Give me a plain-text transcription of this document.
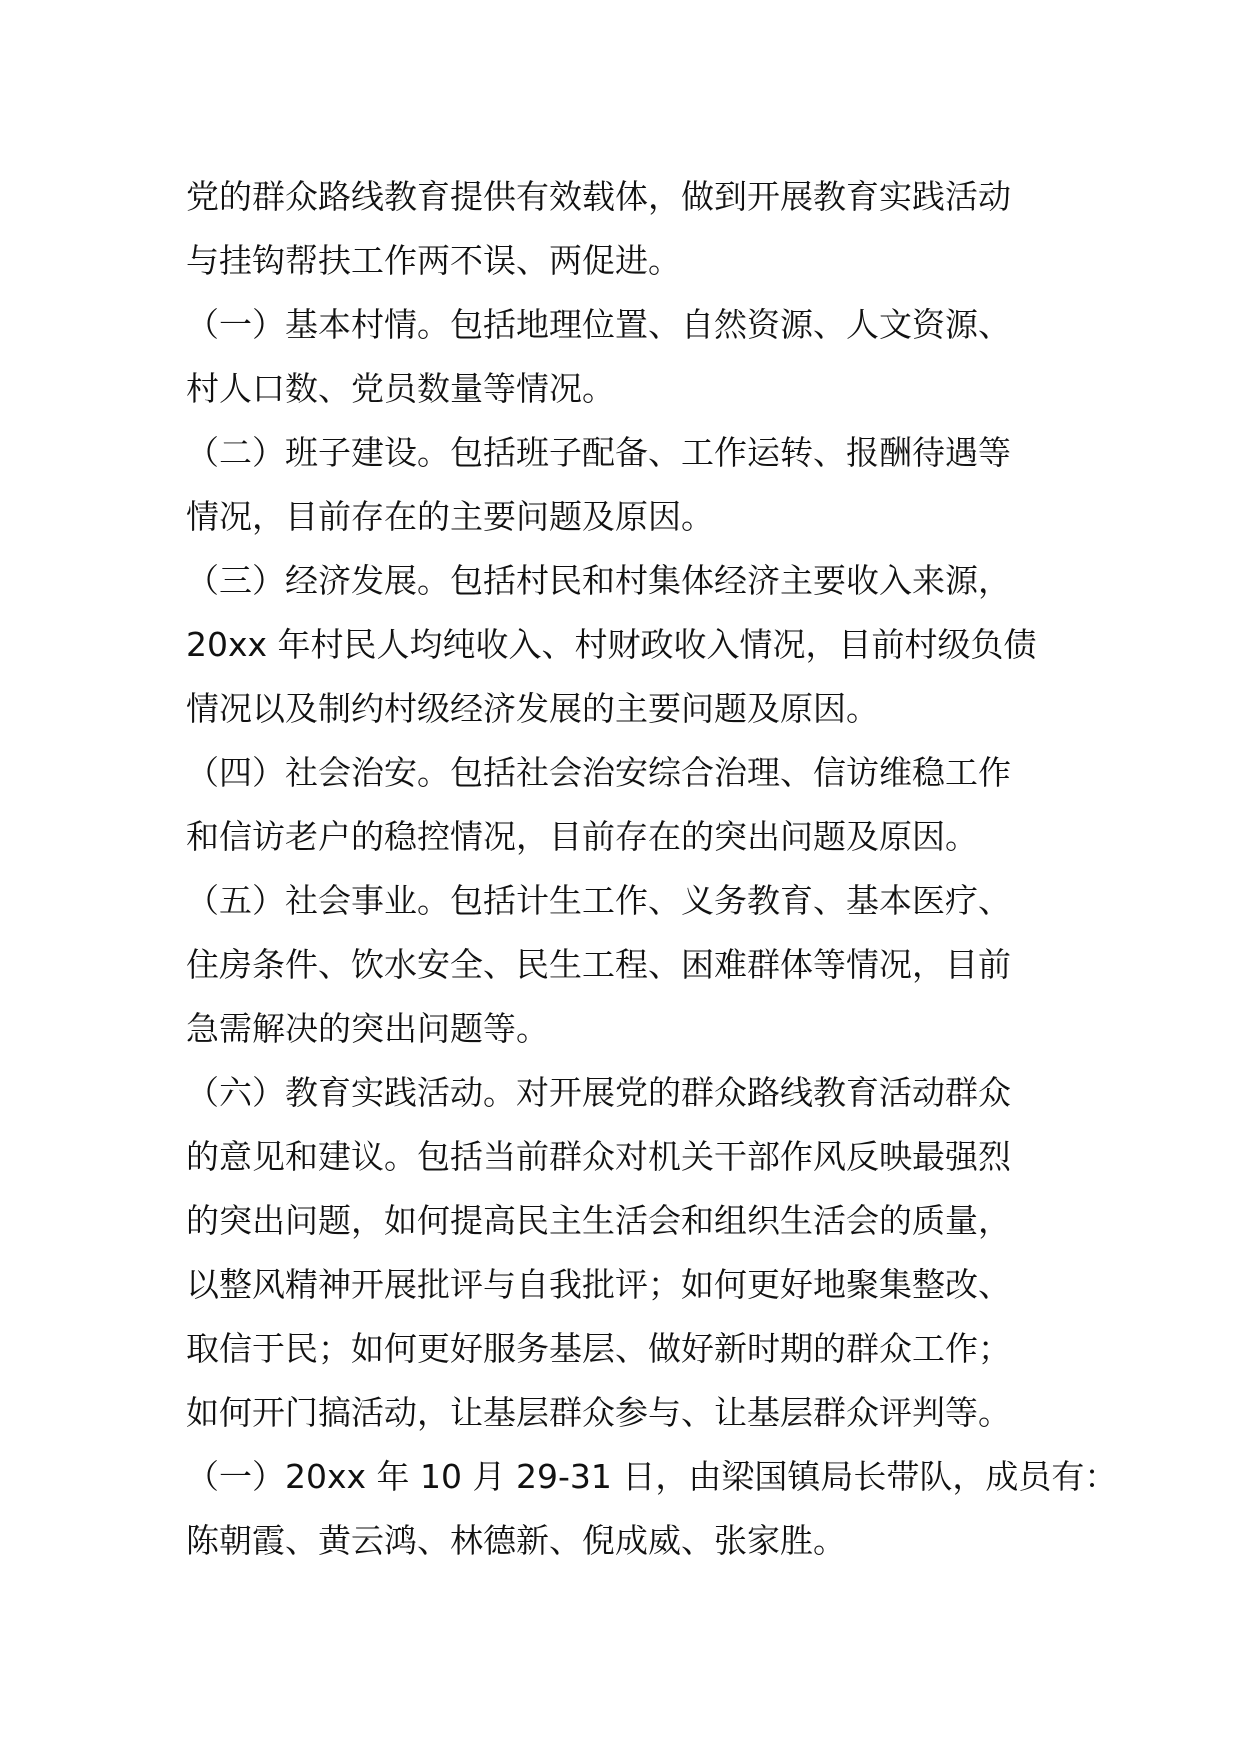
党的群众路线教育提供有效载体，做到开展教育实践活动
与挂钩帮扶工作两不误、两促进。
（一）基本村情。包括地理位置、自然资源、人文资源、
村人口数、党员数量等情况。
（二）班子建设。包括班子配备、工作运转、报酬待遇等
情况，目前存在的主要问题及原因。
（三）经济发展。包括村民和村集体经济主要收入来源，
20xx 年村民人均纯收入、村财政收入情况，目前村级负债
情况以及制约村级经济发展的主要问题及原因。
（四）社会治安。包括社会治安综合治理、信访维稳工作
和信访老户的稳控情况，目前存在的突出问题及原因。
（五）社会事业。包括计生工作、义务教育、基本医疗、
住房条件、饮水安全、民生工程、困难群体等情况，目前
急需解决的突出问题等。
（六）教育实践活动。对开展党的群众路线教育活动群众
的意见和建议。包括当前群众对机关干部作风反映最强烈
的突出问题，如何提高民主生活会和组织生活会的质量，
以整风精神开展批评与自我批评；如何更好地聚集整改、
取信于民；如何更好服务基层、做好新时期的群众工作；
如何开门搞活动，让基层群众参与、让基层群众评判等。
（一）20xx 年 10 月 29-31 日，由梁国镇局长带队，成员有：
陈朝霞、黄云鸿、林德新、倪成威、张家胜。
